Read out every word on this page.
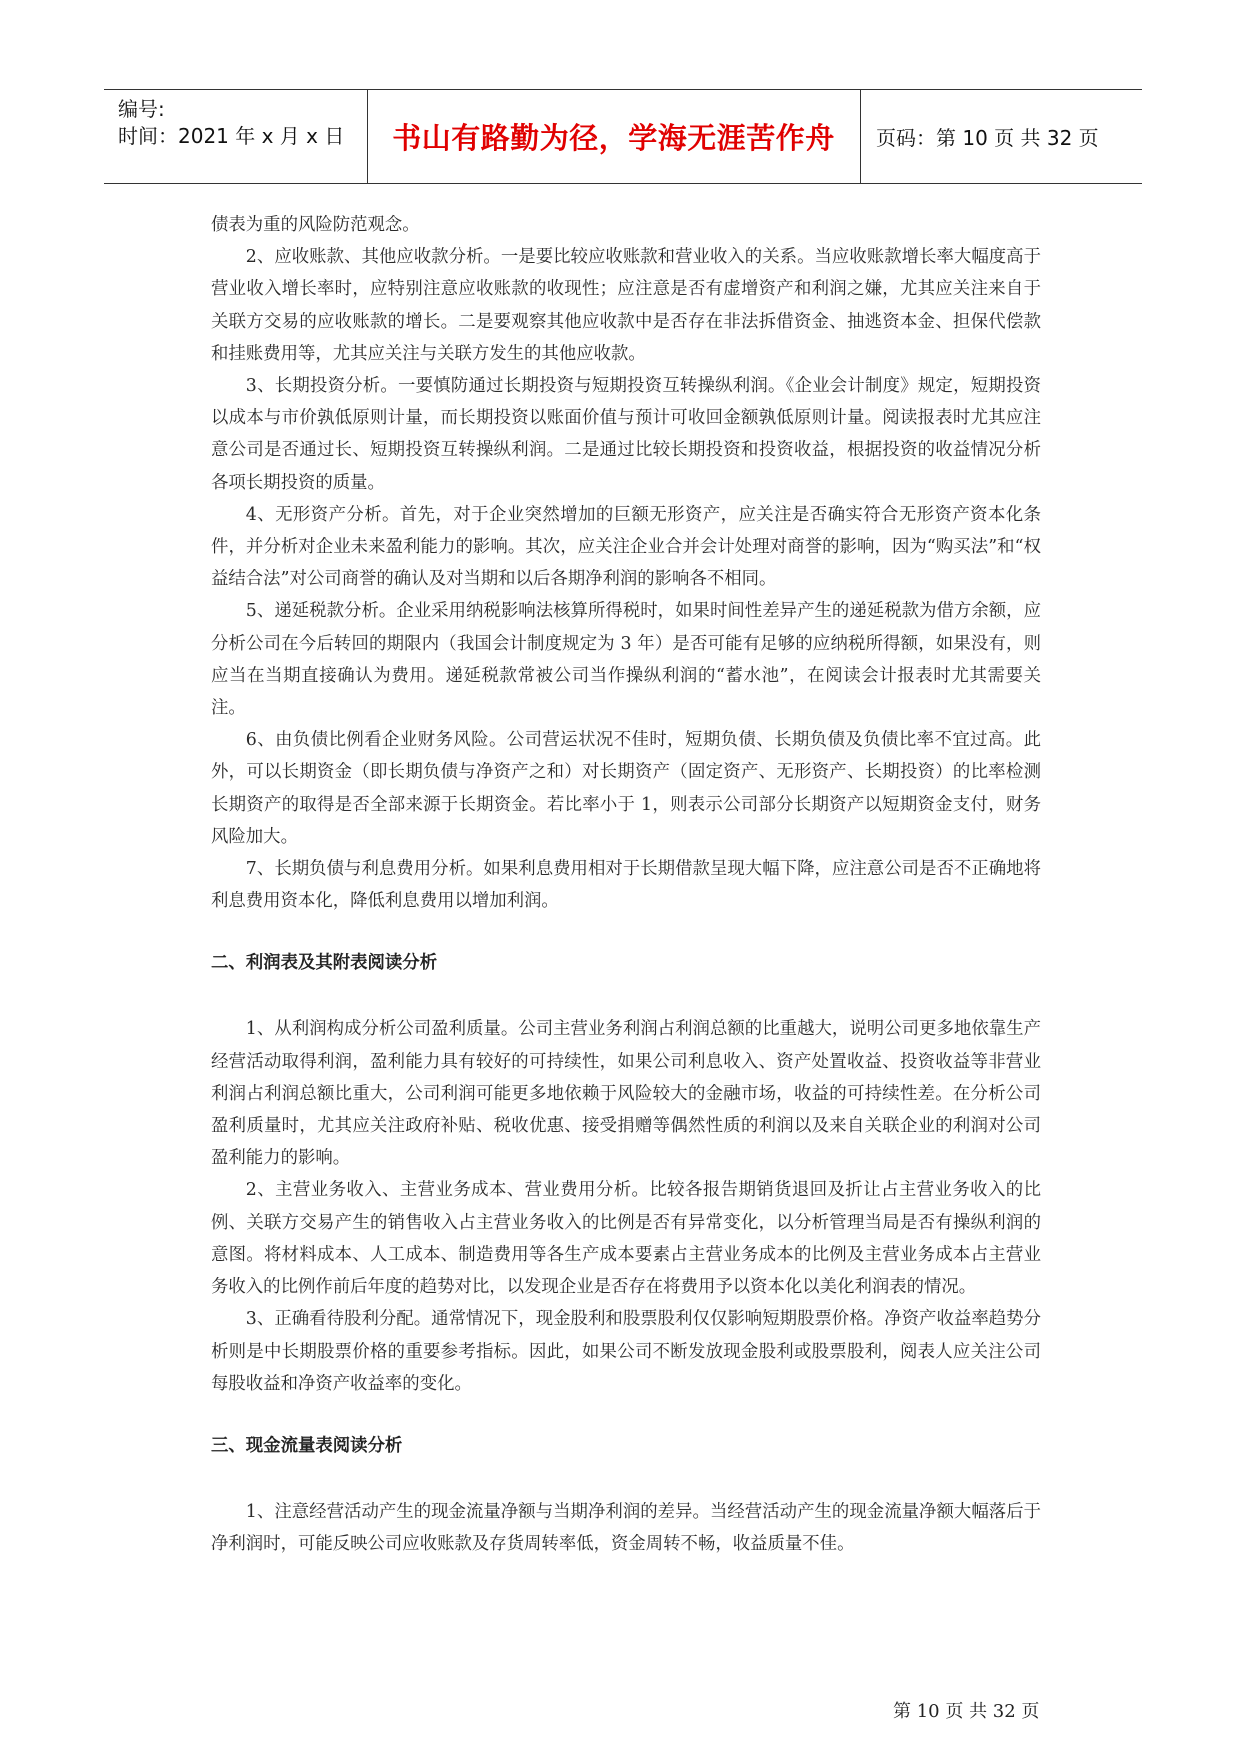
编号:
时间：2021 年 x 月 x 日	书山有路勤为径，学海无涯苦作舟	页码：第 10 页 共 32 页

债表为重的风险防范观念。

2、应收账款、其他应收款分析。一是要比较应收账款和营业收入的关系。当应收账款增长率大幅度高于营业收入增长率时，应特别注意应收账款的收现性；应注意是否有虚增资产和利润之嫌，尤其应关注来自于关联方交易的应收账款的增长。二是要观察其他应收款中是否存在非法拆借资金、抽逃资本金、担保代偿款和挂账费用等，尤其应关注与关联方发生的其他应收款。

3、长期投资分析。一要慎防通过长期投资与短期投资互转操纵利润。《企业会计制度》规定，短期投资以成本与市价孰低原则计量，而长期投资以账面价值与预计可收回金额孰低原则计量。阅读报表时尤其应注意公司是否通过长、短期投资互转操纵利润。二是通过比较长期投资和投资收益，根据投资的收益情况分析各项长期投资的质量。

4、无形资产分析。首先，对于企业突然增加的巨额无形资产，应关注是否确实符合无形资产资本化条件，并分析对企业未来盈利能力的影响。其次，应关注企业合并会计处理对商誉的影响，因为“购买法”和“权益结合法”对公司商誉的确认及对当期和以后各期净利润的影响各不相同。

5、递延税款分析。企业采用纳税影响法核算所得税时，如果时间性差异产生的递延税款为借方余额，应分析公司在今后转回的期限内（我国会计制度规定为 3 年）是否可能有足够的应纳税所得额，如果没有，则应当在当期直接确认为费用。递延税款常被公司当作操纵利润的“蓄水池”，在阅读会计报表时尤其需要关注。

6、由负债比例看企业财务风险。公司营运状况不佳时，短期负债、长期负债及负债比率不宜过高。此外，可以长期资金（即长期负债与净资产之和）对长期资产（固定资产、无形资产、长期投资）的比率检测长期资产的取得是否全部来源于长期资金。若比率小于 1，则表示公司部分长期资产以短期资金支付，财务风险加大。

7、长期负债与利息费用分析。如果利息费用相对于长期借款呈现大幅下降，应注意公司是否不正确地将利息费用资本化，降低利息费用以增加利润。

二、利润表及其附表阅读分析

1、从利润构成分析公司盈利质量。公司主营业务利润占利润总额的比重越大，说明公司更多地依靠生产经营活动取得利润，盈利能力具有较好的可持续性，如果公司利息收入、资产处置收益、投资收益等非营业利润占利润总额比重大，公司利润可能更多地依赖于风险较大的金融市场，收益的可持续性差。在分析公司盈利质量时，尤其应关注政府补贴、税收优惠、接受捐赠等偶然性质的利润以及来自关联企业的利润对公司盈利能力的影响。

2、主营业务收入、主营业务成本、营业费用分析。比较各报告期销货退回及折让占主营业务收入的比例、关联方交易产生的销售收入占主营业务收入的比例是否有异常变化，以分析管理当局是否有操纵利润的意图。将材料成本、人工成本、制造费用等各生产成本要素占主营业务成本的比例及主营业务成本占主营业务收入的比例作前后年度的趋势对比，以发现企业是否存在将费用予以资本化以美化利润表的情况。

3、正确看待股利分配。通常情况下，现金股利和股票股利仅仅影响短期股票价格。净资产收益率趋势分析则是中长期股票价格的重要参考指标。因此，如果公司不断发放现金股利或股票股利，阅表人应关注公司每股收益和净资产收益率的变化。

三、现金流量表阅读分析

1、注意经营活动产生的现金流量净额与当期净利润的差异。当经营活动产生的现金流量净额大幅落后于净利润时，可能反映公司应收账款及存货周转率低，资金周转不畅，收益质量不佳。

第 10 页 共 32 页
